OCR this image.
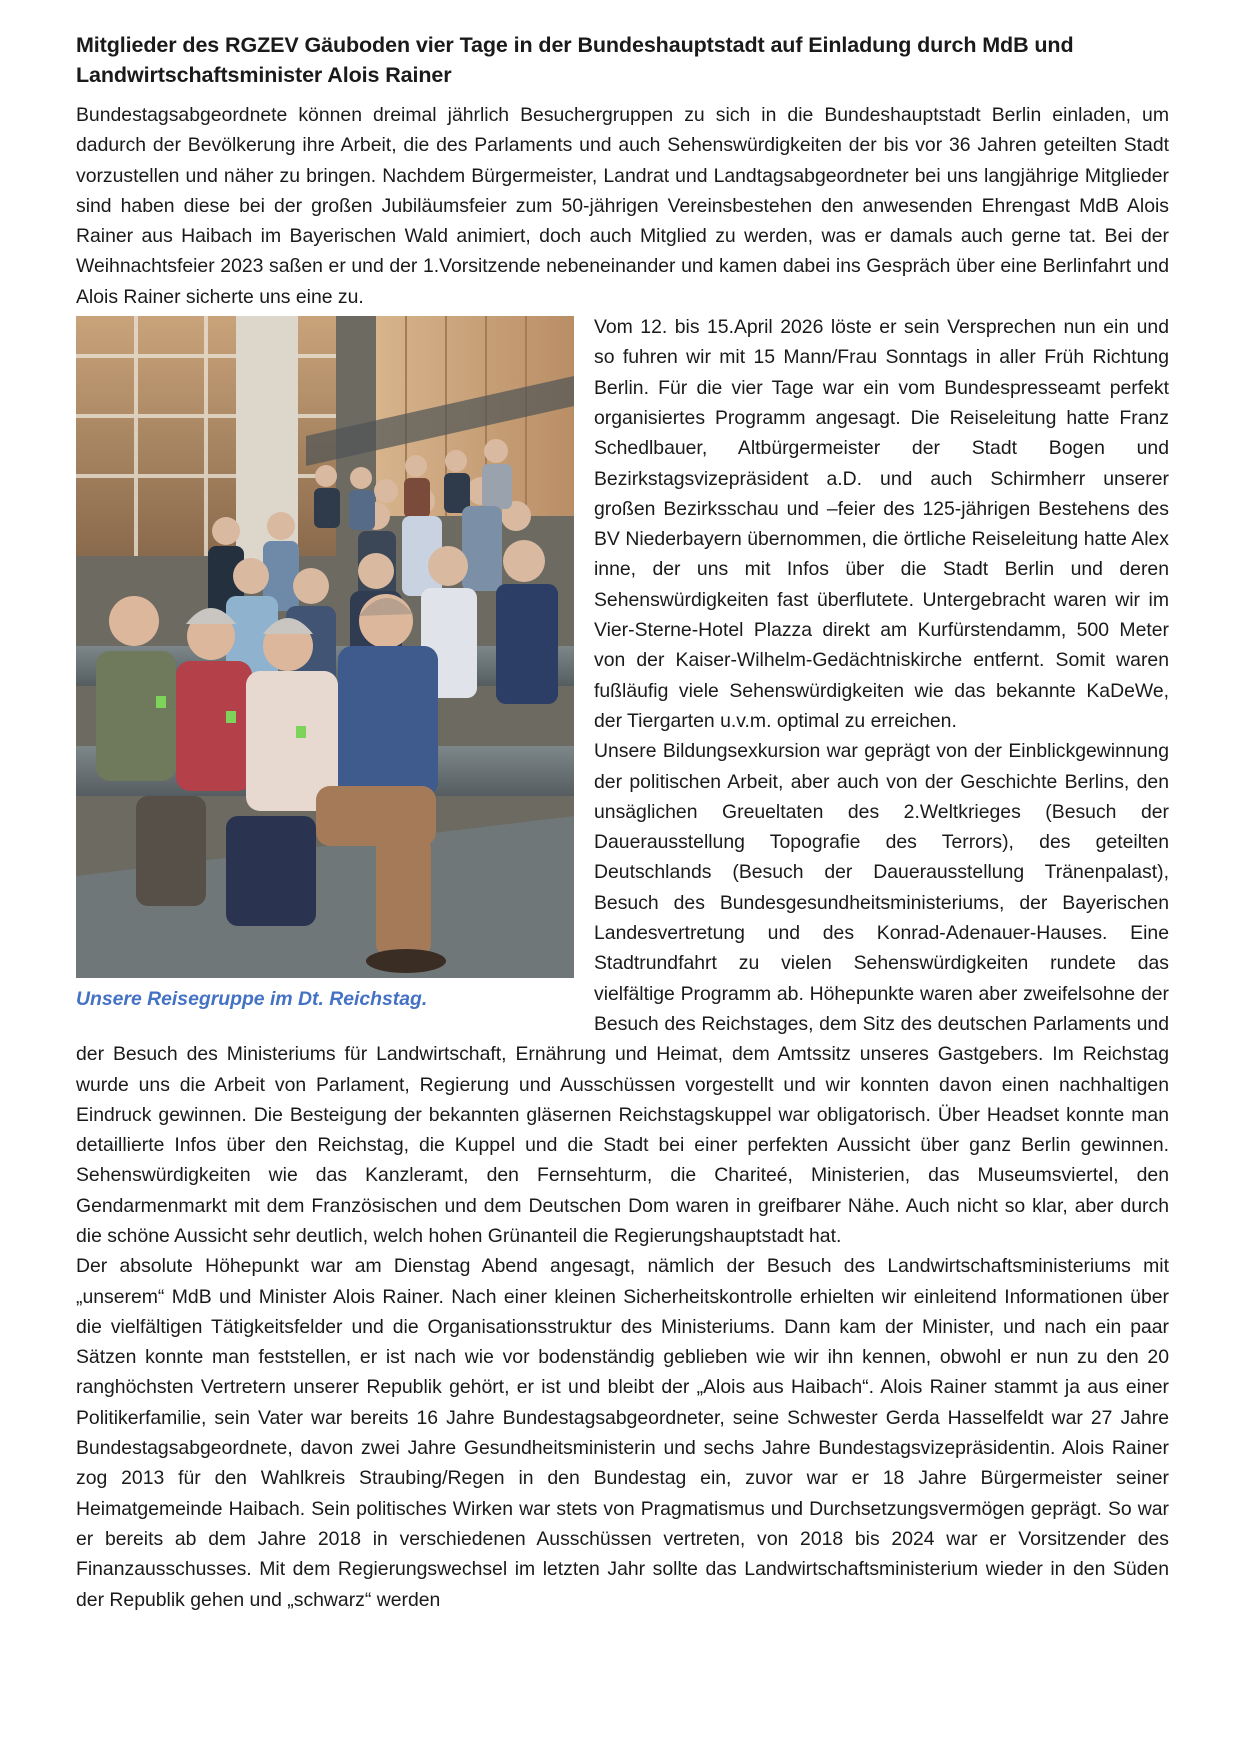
Mitglieder des RGZEV Gäuboden vier Tage in der Bundeshauptstadt auf Einladung durch MdB und Landwirtschaftsminister Alois Rainer

Bundestagsabgeordnete können dreimal jährlich Besuchergruppen zu sich in die Bundeshauptstadt Berlin einladen, um dadurch der Bevölkerung ihre Arbeit, die des Parlaments und auch Sehenswürdigkeiten der bis vor 36 Jahren geteilten Stadt vorzustellen und näher zu bringen. Nachdem Bürgermeister, Landrat und Landtagsabgeordneter bei uns langjährige Mitglieder sind haben diese bei der großen Jubiläumsfeier zum 50-jährigen Vereinsbestehen den anwesenden Ehrengast MdB Alois Rainer aus Haibach im Bayerischen Wald animiert, doch auch Mitglied zu werden, was er damals auch gerne tat. Bei der Weihnachtsfeier 2023 saßen er und der 1.Vorsitzende nebeneinander und kamen dabei ins Gespräch über eine Berlinfahrt und Alois Rainer sicherte uns eine zu.

Unsere Reisegruppe im Dt. Reichstag.

Vom 12. bis 15.April 2026 löste er sein Versprechen nun ein und so fuhren wir mit 15 Mann/Frau Sonntags in aller Früh Richtung Berlin. Für die vier Tage war ein vom Bundespresseamt perfekt organisiertes Programm angesagt. Die Reiseleitung hatte Franz Schedlbauer, Altbürgermeister der Stadt Bogen und Bezirkstagsvizepräsident a.D. und auch Schirmherr unserer großen Bezirksschau und –feier des 125-jährigen Bestehens des BV Niederbayern übernommen, die örtliche Reiseleitung hatte Alex inne, der uns mit Infos über die Stadt Berlin und deren Sehenswürdigkeiten fast überflutete. Untergebracht waren wir im Vier-Sterne-Hotel Plazza direkt am Kurfürstendamm, 500 Meter von der Kaiser-Wilhelm-Gedächtniskirche entfernt. Somit waren fußläufig viele Sehenswürdigkeiten wie das bekannte KaDeWe, der Tiergarten u.v.m. optimal zu erreichen.

Unsere Bildungsexkursion war geprägt von der Einblickgewinnung der politischen Arbeit, aber auch von der Geschichte Berlins, den unsäglichen Greueltaten des 2.Weltkrieges (Besuch der Dauerausstellung Topografie des Terrors), des geteilten Deutschlands (Besuch der Dauerausstellung Tränenpalast), Besuch des Bundesgesundheitsministeriums, der Bayerischen Landesvertretung und des Konrad-Adenauer-Hauses. Eine Stadtrundfahrt zu vielen Sehenswürdigkeiten rundete das vielfältige Programm ab. Höhepunkte waren aber zweifelsohne der Besuch des Reichstages, dem Sitz des deutschen Parlaments und der Besuch des Ministeriums für Landwirtschaft, Ernährung und Heimat, dem Amtssitz unseres Gastgebers. Im Reichstag wurde uns die Arbeit von Parlament, Regierung und Ausschüssen vorgestellt und wir konnten davon einen nachhaltigen Eindruck gewinnen. Die Besteigung der bekannten gläsernen Reichstagskuppel war obligatorisch. Über Headset konnte man detaillierte Infos über den Reichstag, die Kuppel und die Stadt bei einer perfekten Aussicht über ganz Berlin gewinnen. Sehenswürdigkeiten wie das Kanzleramt, den Fernsehturm, die Chariteé, Ministerien, das Museumsviertel, den Gendarmenmarkt mit dem Französischen und dem Deutschen Dom waren in greifbarer Nähe. Auch nicht so klar, aber durch die schöne Aussicht sehr deutlich, welch hohen Grünanteil die Regierungshauptstadt hat.

Der absolute Höhepunkt war am Dienstag Abend angesagt, nämlich der Besuch des Landwirtschaftsministeriums mit „unserem“ MdB und Minister Alois Rainer. Nach einer kleinen Sicherheitskontrolle erhielten wir einleitend Informationen über die vielfältigen Tätigkeitsfelder und die Organisationsstruktur des Ministeriums. Dann kam der Minister, und nach ein paar Sätzen konnte man feststellen, er ist nach wie vor bodenständig geblieben wie wir ihn kennen, obwohl er nun zu den 20 ranghöchsten Vertretern unserer Republik gehört, er ist und bleibt der „Alois aus Haibach“. Alois Rainer stammt ja aus einer Politikerfamilie, sein Vater war bereits 16 Jahre Bundestagsabgeordneter, seine Schwester Gerda Hasselfeldt war 27 Jahre Bundestagsabgeordnete, davon zwei Jahre Gesundheitsministerin und sechs Jahre Bundestagsvizepräsidentin. Alois Rainer zog 2013 für den Wahlkreis Straubing/Regen in den Bundestag ein, zuvor war er 18 Jahre Bürgermeister seiner Heimatgemeinde Haibach. Sein politisches Wirken war stets von Pragmatismus und Durchsetzungsvermögen geprägt. So war er bereits ab dem Jahre 2018 in verschiedenen Ausschüssen vertreten, von 2018 bis 2024 war er Vorsitzender des Finanzausschusses. Mit dem Regierungswechsel im letzten Jahr sollte das Landwirtschaftsministerium wieder in den Süden der Republik gehen und „schwarz“ werden
